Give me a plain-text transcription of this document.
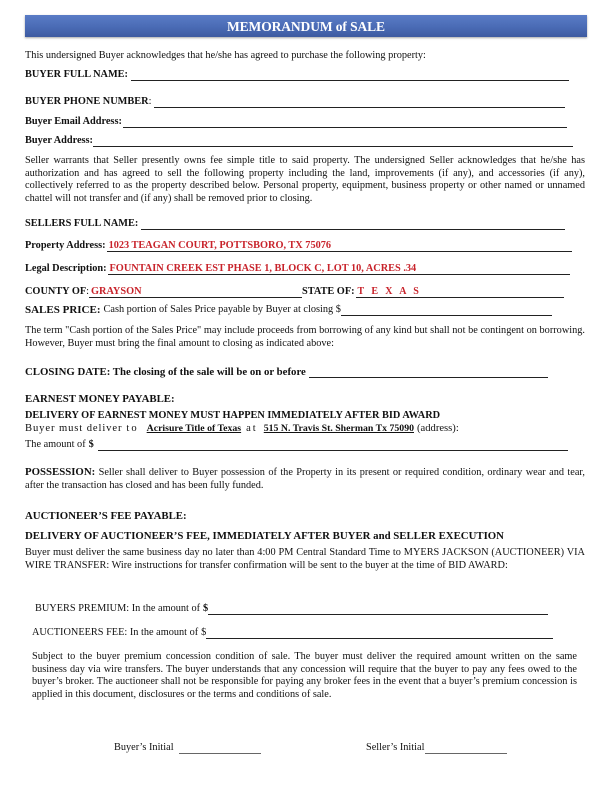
MEMORANDUM of SALE
This undersigned Buyer acknowledges that he/she has agreed to purchase the following property:
BUYER FULL NAME:
BUYER PHONE NUMBER :
Buyer Email Address:
Buyer Address:
Seller warrants that Seller presently owns fee simple title to said property. The undersigned Seller acknowledges that he/she has authorization and has agreed to sell the following property including the land, improvements (if any), and accessories (if any), collectively referred to as the property described below. Personal property, equipment, business property or other named or unnamed chattel will not transfer and (if any) shall be removed prior to closing.
SELLERS FULL NAME:
Property Address: 1023 TEAGAN COURT, POTTSBORO, TX 75076
Legal Description: FOUNTAIN CREEK EST PHASE 1, BLOCK C, LOT 10, ACRES .34
COUNTY OF : GRAYSON	STATE OF: T E X A S
SALES PRICE: Cash portion of Sales Price payable by Buyer at closing $
The term "Cash portion of the Sales Price" may include proceeds from borrowing of any kind but shall not be contingent on borrowing. However, Buyer must bring the final amount to closing as indicated above:
CLOSING DATE: The closing of the sale will be on or before
EARNEST MONEY PAYABLE:
DELIVERY OF EARNEST MONEY MUST HAPPEN IMMEDIATELY AFTER BID AWARD
Buyer must deliver to Acrisure Title of Texas at 515 N. Travis St. Sherman Tx 75090 (address):
The amount of $
POSSESSION: Seller shall deliver to Buyer possession of the Property in its present or required condition, ordinary wear and tear, after the transaction has closed and has been fully funded.
AUCTIONEER’S FEE PAYABLE:
DELIVERY OF AUCTIONEER’S FEE, IMMEDIATELY AFTER BUYER and SELLER EXECUTION
Buyer must deliver the same business day no later than 4:00 PM Central Standard Time to MYERS JACKSON (AUCTIONEER) VIA WIRE TRANSFER: Wire instructions for transfer confirmation will be sent to the buyer at the time of BID AWARD:
BUYERS PREMIUM: In the amount of $
AUCTIONEERS FEE: In the amount of $
Subject to the buyer premium concession condition of sale. The buyer must deliver the required amount written on the same business day via wire transfers. The buyer understands that any concession will require that the buyer to pay any fees owed to the buyer’s broker. The auctioneer shall not be responsible for paying any broker fees in the event that a buyer’s premium concession is applied in this document, disclosures or the terms and conditions of sale.
Buyer’s Initial	Seller’s Initial
